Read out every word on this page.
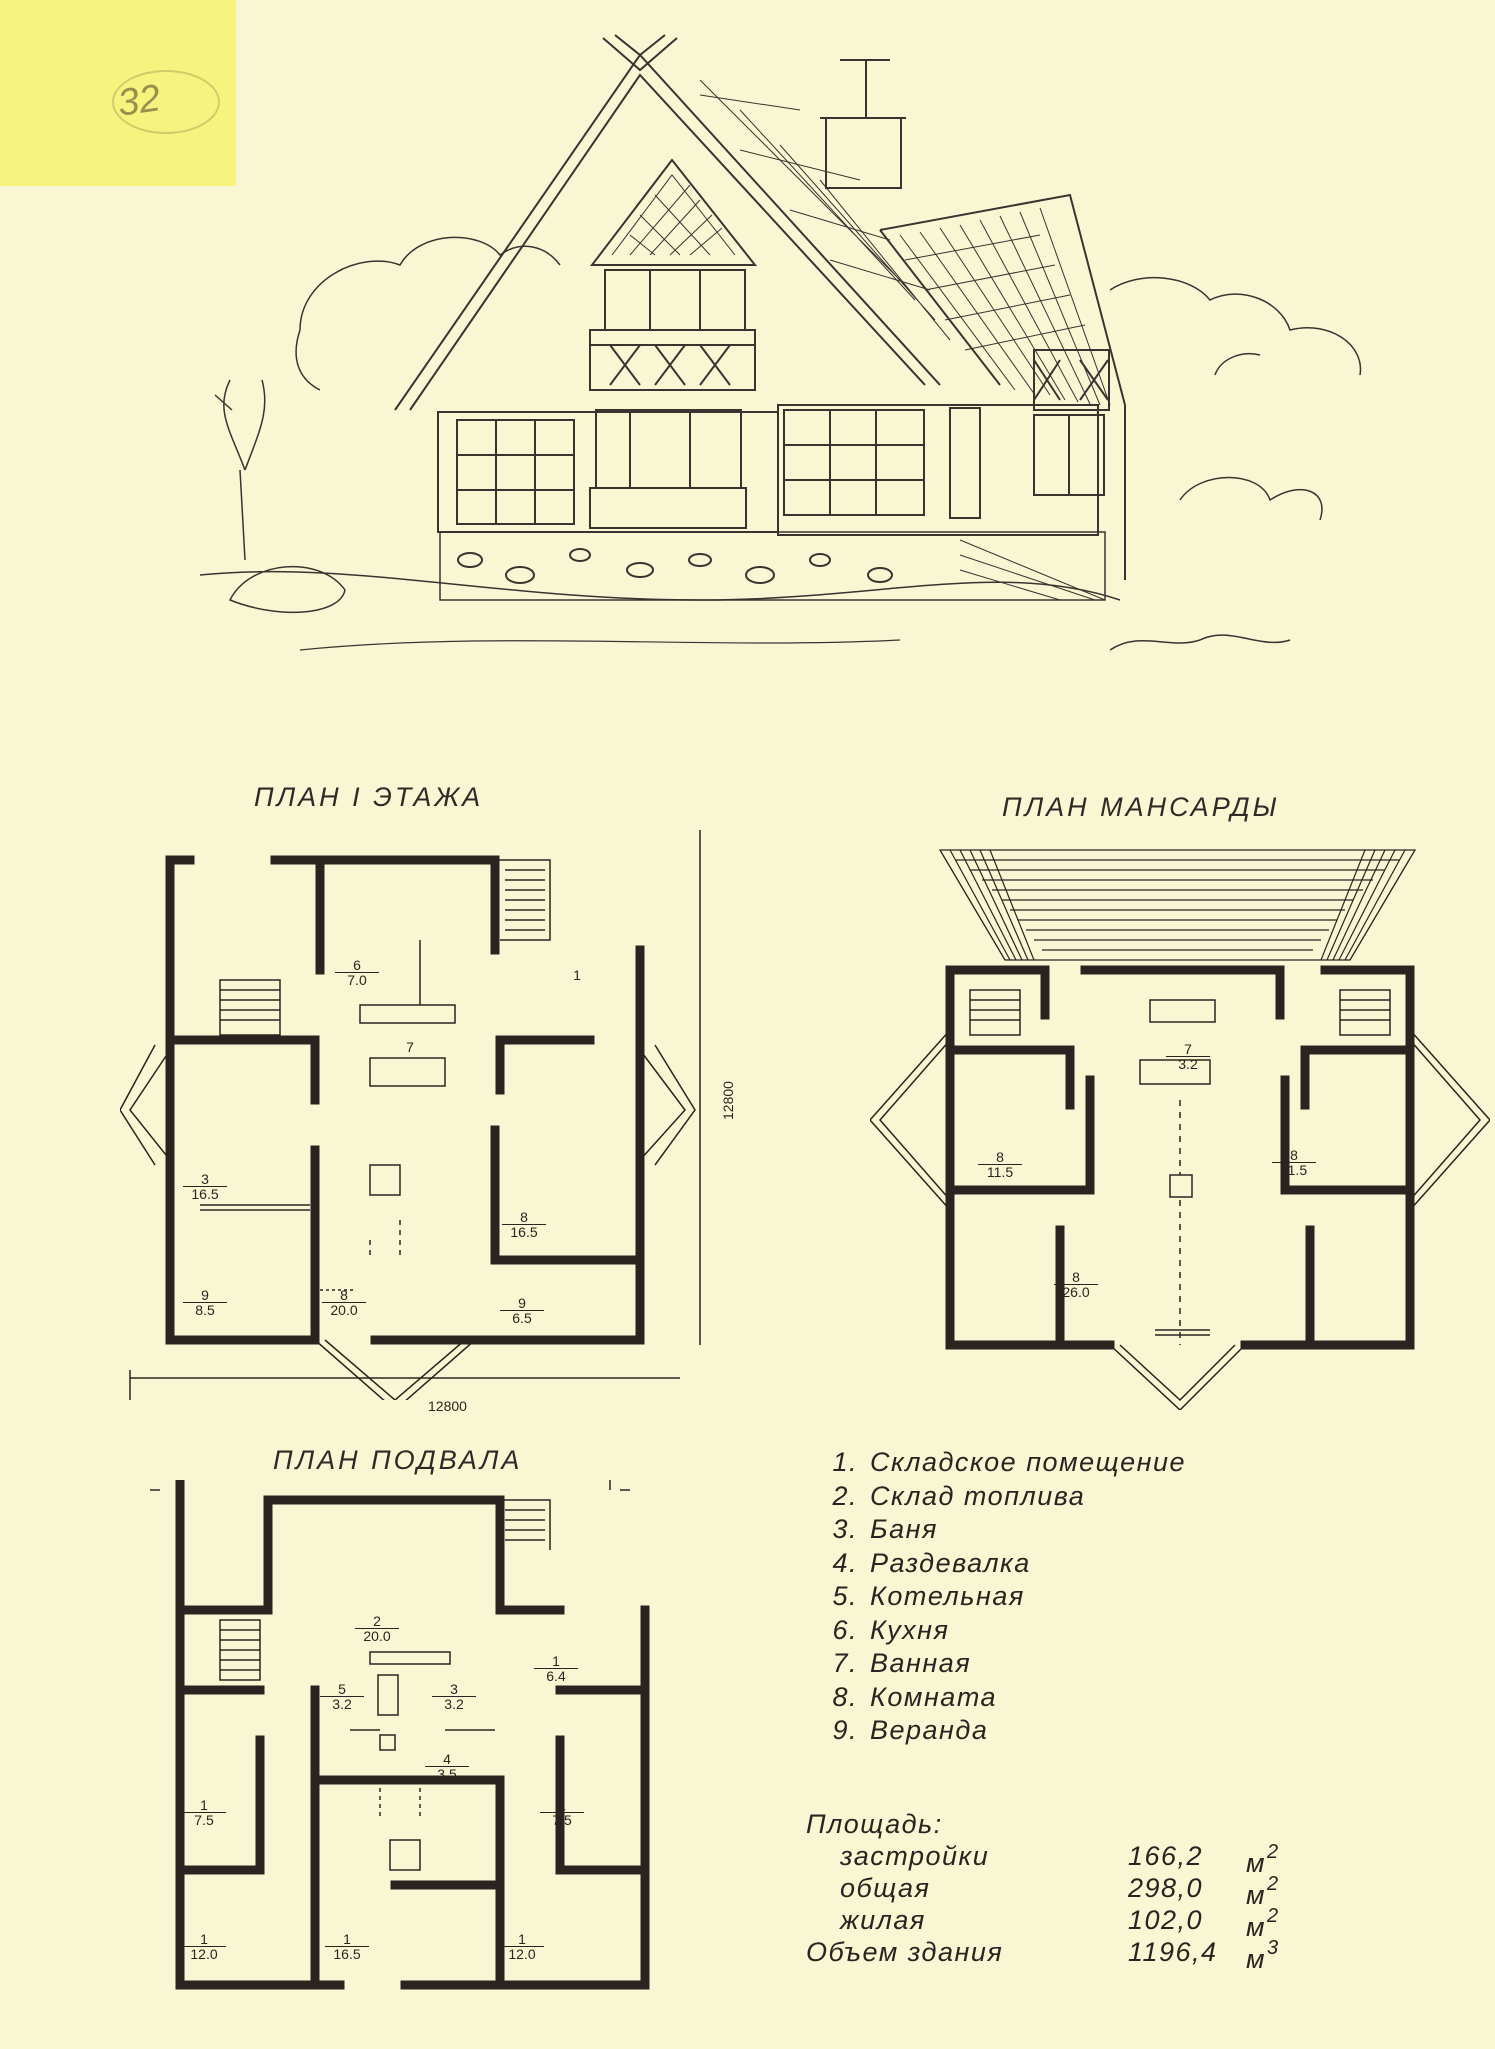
32
ПЛАН I ЭТАЖА
6
7.0
7
1
3
16.5
8
16.5
9
8.5
8
20.0	9
6.5
12800
12800
ПЛАН МАНСАРДЫ
7
3.2
8
11.5
8
11.5
8
26.0
ПЛАН ПОДВАЛА
2
20.0
1
6.4
5
3.2
3
3.2
4
3.5
1
7.5
1
7.5
1
12.0
1
16.5
1
12.0
1. Складское помещение
2. Склад топлива
3. Баня
4. Раздевалка
5. Котельная
6. Кухня
7. Ванная
8. Комната
9. Веранда
Площадь:
застройки	166,2 $м^2$
общая	298,0 $м^2$
жилая	102,0 $м^2$
Объем здания	1196,4 $м^3$
